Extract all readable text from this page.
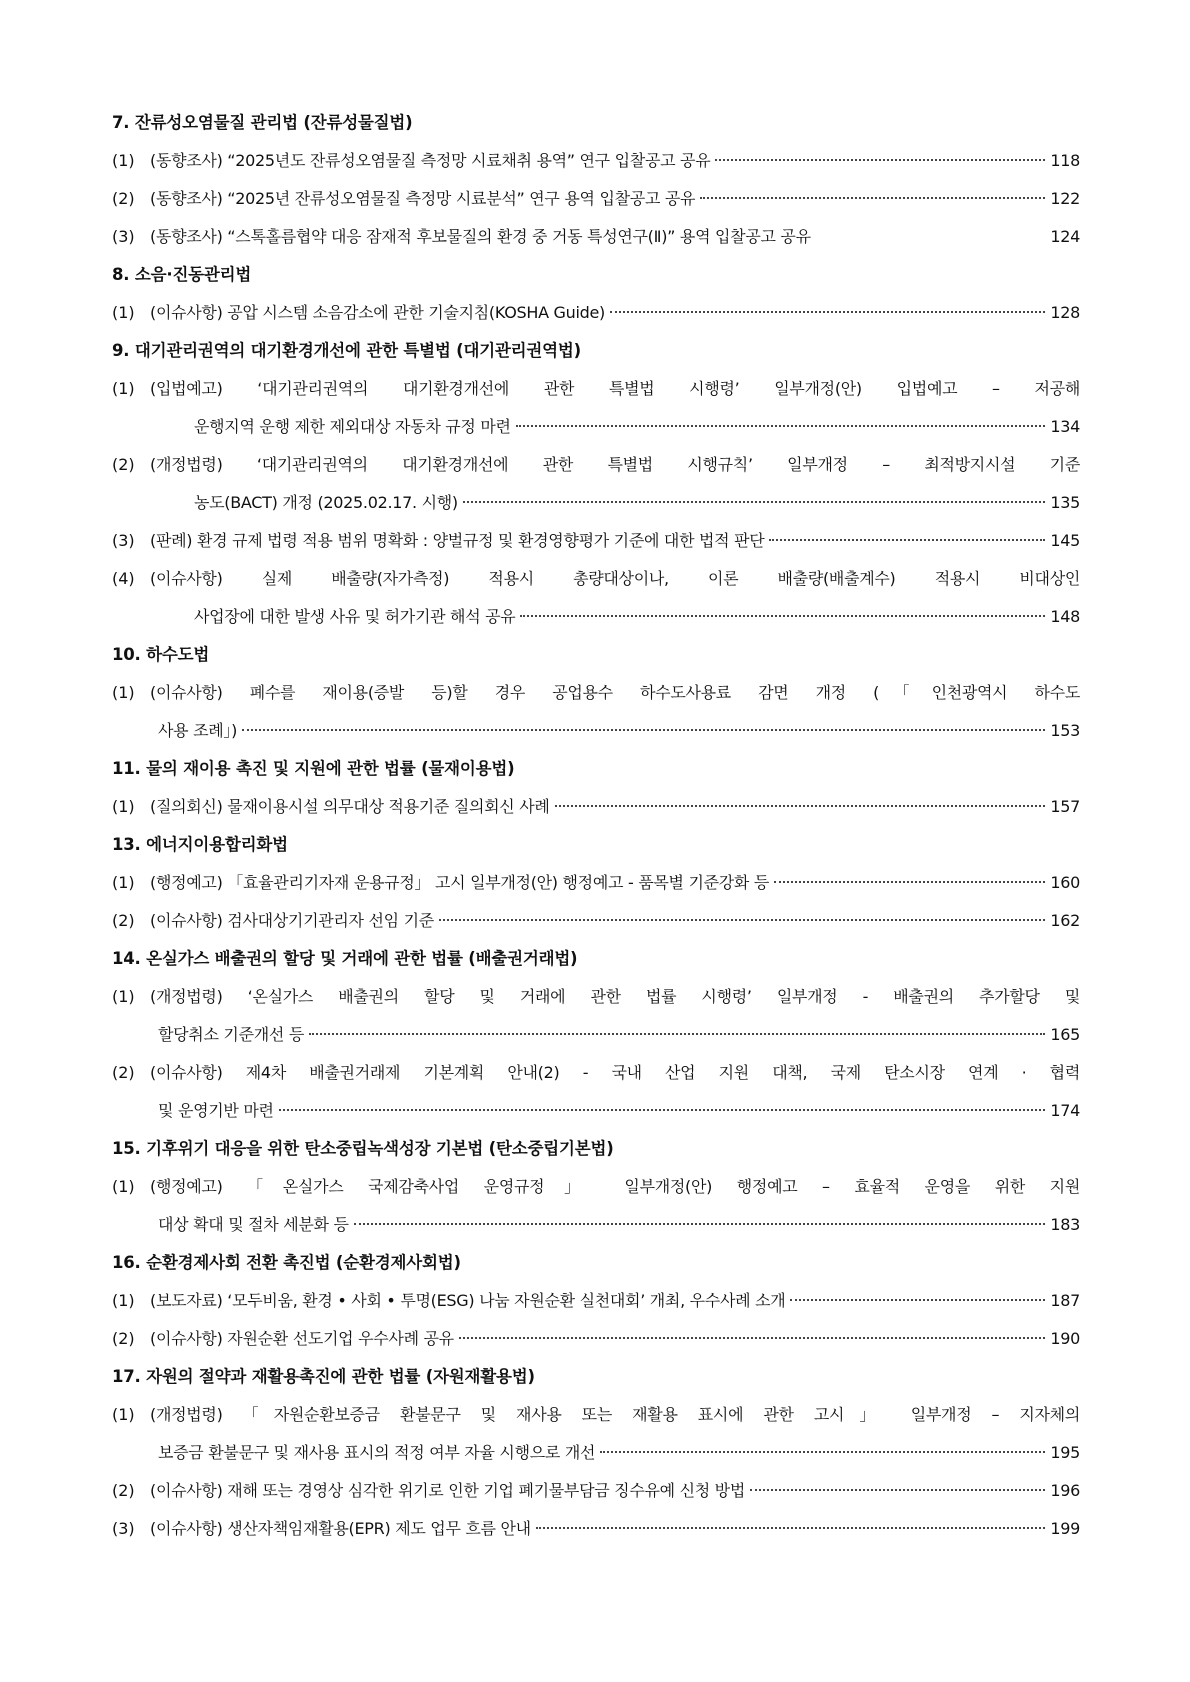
7. 잔류성오염물질 관리법 (잔류성물질법)
(1) (동향조사) “2025년도 잔류성오염물질 측정망 시료채취 용역” 연구 입찰공고 공유	118
(2) (동향조사) “2025년 잔류성오염물질 측정망 시료분석” 연구 용역 입찰공고 공유	122
(3) (동향조사) “스톡홀름협약 대응 잠재적 후보물질의 환경 중 거동 특성연구(Ⅱ)” 용역 입찰공고 공유	124
8. 소음·진동관리법
(1) (이슈사항) 공압 시스템 소음감소에 관한 기술지침(KOSHA Guide)	128
9. 대기관리권역의 대기환경개선에 관한 특별법 (대기관리권역법)
(1) (입법예고) ‘대기관리권역의 대기환경개선에 관한 특별법 시행령’ 일부개정(안) 입법예고 – 저공해
운행지역 운행 제한 제외대상 자동차 규정 마련	134
(2) (개정법령) ‘대기관리권역의 대기환경개선에 관한 특별법 시행규칙’ 일부개정 – 최적방지시설 기준
농도(BACT) 개정 (2025.02.17. 시행)	135
(3) (판례) 환경 규제 법령 적용 범위 명확화 : 양벌규정 및 환경영향평가 기준에 대한 법적 판단	145
(4) (이슈사항) 실제 배출량(자가측정) 적용시 총량대상이나, 이론 배출량(배출계수) 적용시 비대상인
사업장에 대한 발생 사유 및 허가기관 해석 공유	148
10. 하수도법
(1) (이슈사항) 폐수를 재이용(증발 등)할 경우 공업용수 하수도사용료 감면 개정 (「인천광역시 하수도
사용 조례」)	153
11. 물의 재이용 촉진 및 지원에 관한 법률 (물재이용법)
(1) (질의회신) 물재이용시설 의무대상 적용기준 질의회신 사례	157
13. 에너지이용합리화법
(1) (행정예고) 「효율관리기자재 운용규정」 고시 일부개정(안) 행정예고 - 품목별 기준강화 등	160
(2) (이슈사항) 검사대상기기관리자 선임 기준	162
14. 온실가스 배출권의 할당 및 거래에 관한 법률 (배출권거래법)
(1) (개정법령) ‘온실가스 배출권의 할당 및 거래에 관한 법률 시행령’ 일부개정 - 배출권의 추가할당 및
할당취소 기준개선 등	165
(2) (이슈사항) 제4차 배출권거래제 기본계획 안내(2) - 국내 산업 지원 대책, 국제 탄소시장 연계 · 협력
및 운영기반 마련	174
15. 기후위기 대응을 위한 탄소중립녹색성장 기본법 (탄소중립기본법)
(1) (행정예고) 「온실가스 국제감축사업 운영규정」 일부개정(안) 행정예고 – 효율적 운영을 위한 지원
대상 확대 및 절차 세분화 등	183
16. 순환경제사회 전환 촉진법 (순환경제사회법)
(1) (보도자료) ‘모두비움, 환경 • 사회 • 투명(ESG) 나눔 자원순환 실천대회’ 개최, 우수사례 소개	187
(2) (이슈사항) 자원순환 선도기업 우수사례 공유	190
17. 자원의 절약과 재활용촉진에 관한 법률 (자원재활용법)
(1) (개정법령) 「자원순환보증금 환불문구 및 재사용 또는 재활용 표시에 관한 고시」 일부개정 – 지자체의
보증금 환불문구 및 재사용 표시의 적정 여부 자율 시행으로 개선	195
(2) (이슈사항) 재해 또는 경영상 심각한 위기로 인한 기업 폐기물부담금 징수유예 신청 방법	196
(3) (이슈사항) 생산자책임재활용(EPR) 제도 업무 흐름 안내	199
